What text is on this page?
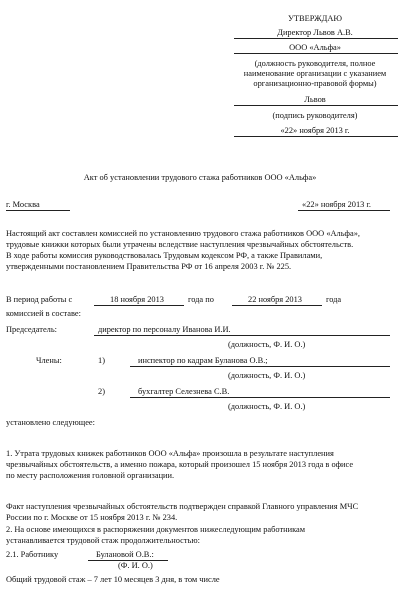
УТВЕРЖДАЮ
Директор Львов А.В.
ООО «Альфа»
(должность руководителя, полное
наименование организации с указанием
организационно-правовой формы)
Львов
(подпись руководителя)
«22» ноября 2013 г.
Акт об установлении трудового стажа работников ООО «Альфа»
г. Москва	«22» ноября 2013 г.
Настоящий акт составлен комиссией по установлению трудового стажа работников ООО «Альфа»,
трудовые книжки которых были утрачены вследствие наступления чрезвычайных обстоятельств.
В ходе работы комиссия руководствовалась Трудовым кодексом РФ, а также Правилами,
утвержденными постановлением Правительства РФ от 16 апреля 2003 г. № 225.
В период работы с	18 ноября 2013	года по	22 ноября 2013	года
комиссией в составе:
Председатель:	директор по персоналу Иванова И.И.
(должность, Ф. И. О.)
Члены:	1)	инспектор по кадрам Буланова О.В.;
(должность, Ф. И. О.)
2)	бухгалтер Селезнева С.В.
(должность, Ф. И. О.)
установлено следующее:
1. Утрата трудовых книжек работников ООО «Альфа» произошла в результате наступления
чрезвычайных обстоятельств, а именно пожара, который произошел 15 ноября 2013 года в офисе
по месту расположения головной организации.
Факт наступления чрезвычайных обстоятельств подтвержден справкой Главного управления МЧС
России по г. Москве от 15 ноября 2013 г. № 234.
2. На основе имеющихся в распоряжении документов нижеследующим работникам
устанавливается трудовой стаж продолжительностью:
2.1. Работнику	Булановой О.В.:
(Ф. И. О.)
Общий трудовой стаж – 7 лет 10 месяцев 3 дня, в том числе
